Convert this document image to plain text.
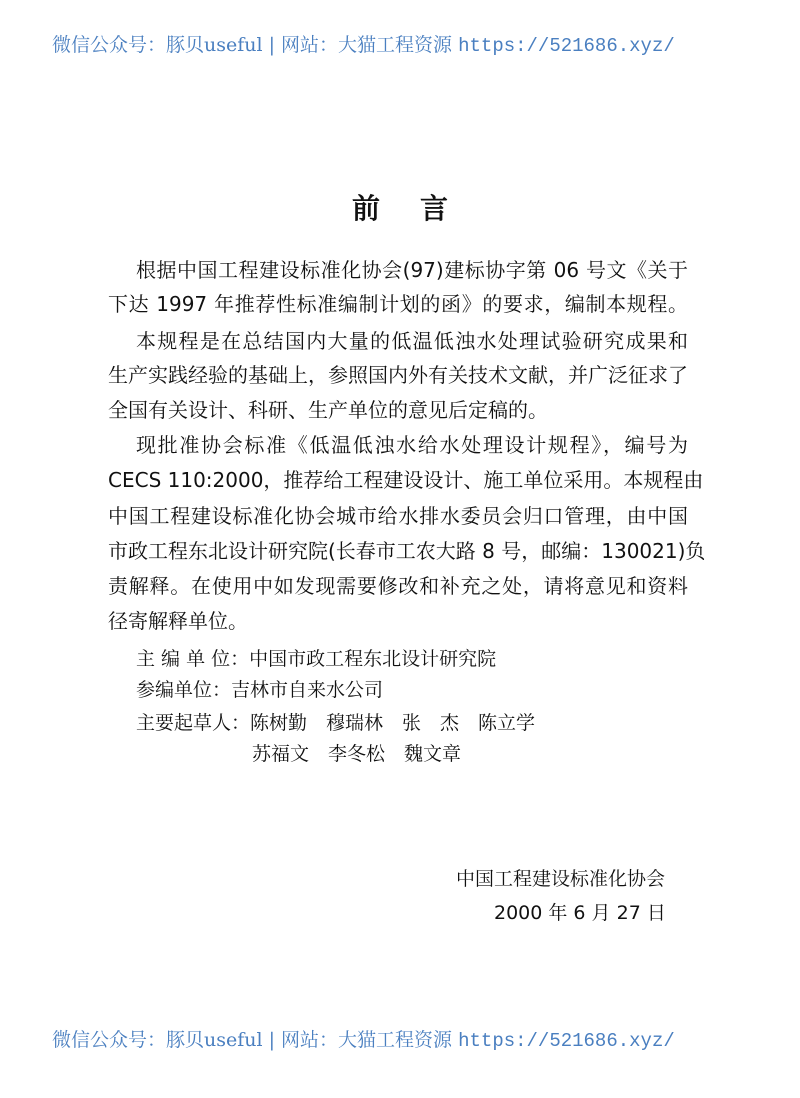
微信公众号：豚贝useful | 网站：大猫工程资源 https://521686.xyz/
前言
根据中国工程建设标准化协会(97)建标协字第 06 号文《关于
下达 1997 年推荐性标准编制计划的函》的要求，编制本规程。
本规程是在总结国内大量的低温低浊水处理试验研究成果和
生产实践经验的基础上，参照国内外有关技术文献，并广泛征求了
全国有关设计、科研、生产单位的意见后定稿的。
现批准协会标准《低温低浊水给水处理设计规程》，编号为
CECS 110:2000，推荐给工程建设设计、施工单位采用。本规程由
中国工程建设标准化协会城市给水排水委员会归口管理，由中国
市政工程东北设计研究院(长春市工农大路 8 号，邮编：130021)负
责解释。在使用中如发现需要修改和补充之处，请将意见和资料
径寄解释单位。
主 编 单 位：中国市政工程东北设计研究院
参编单位：吉林市自来水公司
主要起草人：陈树勤　穆瑞林　张　杰　陈立学
苏福文　李冬松　魏文章
中国工程建设标准化协会
2000 年 6 月 27 日
微信公众号：豚贝useful | 网站：大猫工程资源 https://521686.xyz/
